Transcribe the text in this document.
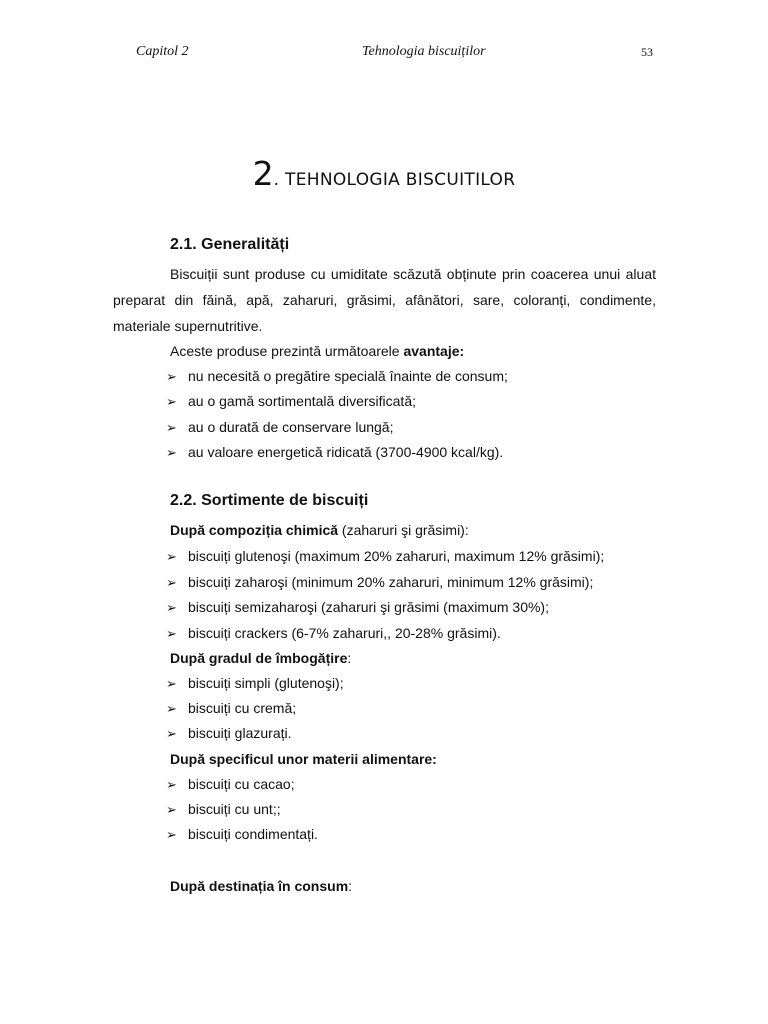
Capitol 2	Tehnologia biscuiților	53
2. TEHNOLOGIA BISCUITILOR
2.1. Generalități
Biscuiții sunt produse cu umiditate scăzută obținute prin coacerea unui aluat preparat din făină, apă, zaharuri, grăsimi, afânători, sare, coloranți, condimente, materiale supernutritive.
Aceste produse prezintă următoarele avantaje:
➢ nu necesită o pregătire specială înainte de consum;
➢ au o gamă sortimentală diversificată;
➢ au o durată de conservare lungă;
➢ au valoare energetică ridicată (3700-4900 kcal/kg).
2.2. Sortimente de biscuiți
După compoziția chimică (zaharuri şi grăsimi):
➢ biscuiți glutenoşi (maximum 20% zaharuri, maximum 12% grăsimi);
➢ biscuiți zaharoşi (minimum 20% zaharuri, minimum 12% grăsimi);
➢ biscuiți semizaharoşi (zaharuri şi grăsimi (maximum 30%);
➢ biscuiți crackers (6-7% zaharuri,, 20-28% grăsimi).
După gradul de îmbogățire:
➢ biscuiți simpli (glutenoşi);
➢ biscuiți cu cremă;
➢ biscuiți glazurați.
După specificul unor materii alimentare:
➢ biscuiți cu cacao;
➢ biscuiți cu unt;;
➢ biscuiți condimentați.
După destinația în consum:
